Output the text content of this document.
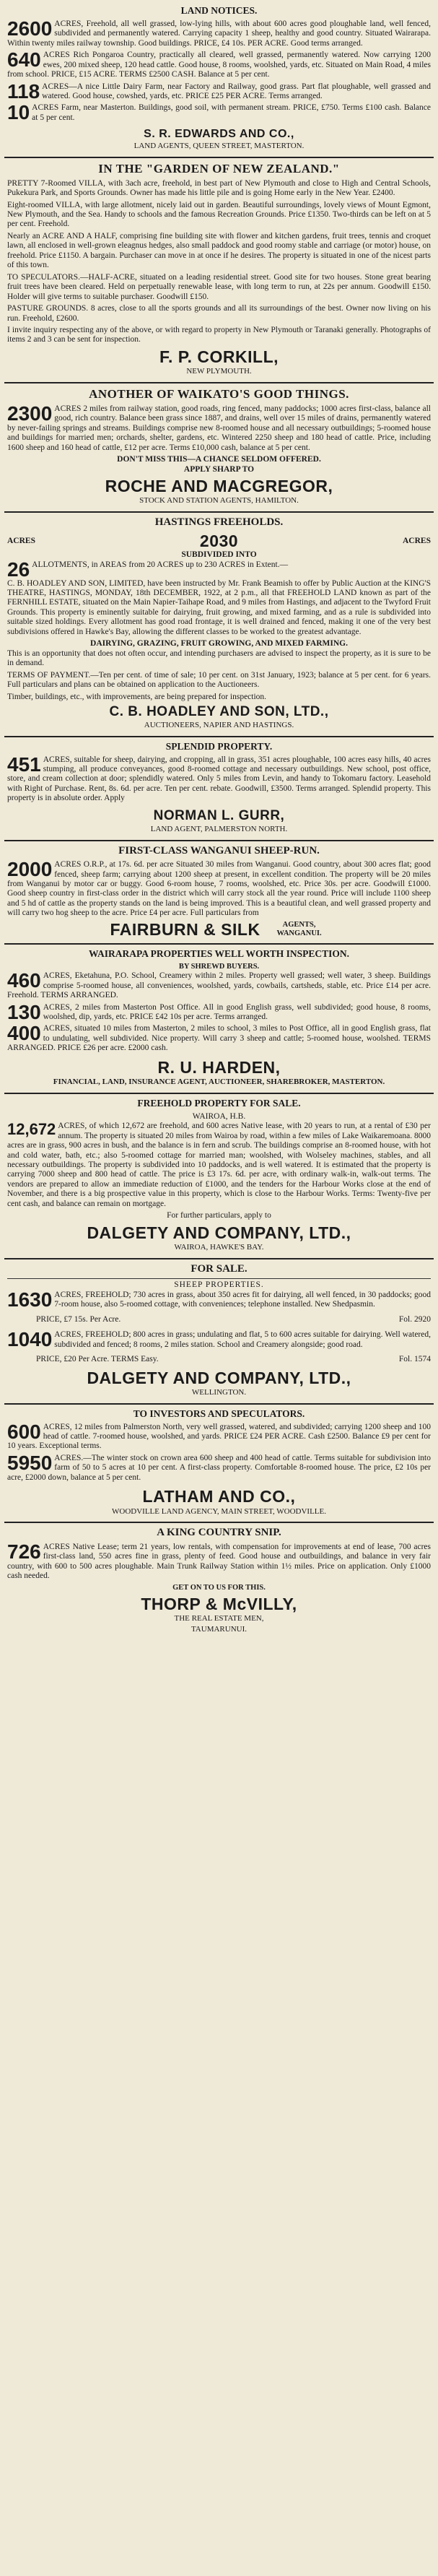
LAND NOTICES.

2600 ACRES, Freehold, all well grassed, low-lying hills, with about 600 acres good ploughable land, well fenced, subdivided and permanently watered. Carrying capacity 1 sheep, healthy and good country. Situated Wairarapa. Within twenty miles railway township. Good buildings. PRICE, £4 10s. PER ACRE. Good terms arranged.

640 ACRES Rich Pongaroa Country, practically all cleared, well grassed, permanently watered. Now carrying 1200 ewes, 200 mixed sheep, 120 head cattle. Good house, 8 rooms, woolshed, yards, etc. Situated on Main Road, 4 miles from school. PRICE, £15 ACRE. TERMS £2500 CASH. Balance at 5 per cent.

118 ACRES—A nice Little Dairy Farm, near Factory and Railway, good grass. Part flat ploughable, well grassed and watered. Good house, cowshed, yards, etc. PRICE £25 PER ACRE. Terms arranged.

10 ACRES Farm, near Masterton. Buildings, good soil, with permanent stream. PRICE, £750. Terms £100 cash. Balance at 5 per cent.

S. R. EDWARDS AND CO.,
LAND AGENTS, QUEEN STREET, MASTERTON.
IN THE "GARDEN OF NEW ZEALAND."

PRETTY 7-Roomed VILLA, with 3ach acre, freehold, in best part of New Plymouth and close to High and Central Schools, Pukekura Park, and Sports Grounds. Owner has made his little pile and is going Home early in the New Year. £2400.

Eight-roomed VILLA, with large allotment, nicely laid out in garden. Beautiful surroundings, lovely views of Mount Egmont, New Plymouth, and the Sea. Handy to schools and the famous Recreation Grounds. Price £1350. Two-thirds can be left on at 5 per cent. Freehold.

Nearly an ACRE AND A HALF, comprising fine building site with flower and kitchen gardens, fruit trees, tennis and croquet lawn, all enclosed in well-grown eleagnus hedges, also small paddock and good roomy stable and carriage (or motor) house, on freehold. Price £1150. A bargain. Purchaser can move in at once if he desires. The property is situated in one of the nicest parts of this town.

TO SPECULATORS.—HALF-ACRE, situated on a leading residential street. Good site for two houses. Stone great bearing fruit trees have been cleared. Held on perpetually renewable lease, with long term to run, at 22s per annum. Goodwill £150. Holder will give terms to suitable purchaser. Goodwill £150.

PASTURE GROUNDS. 8 acres, close to all the sports grounds and all its surroundings of the best. Owner now living on his run. Freehold, £2600.

I invite inquiry respecting any of the above, or with regard to property in New Plymouth or Taranaki generally. Photographs of items 2 and 3 can be sent for inspection.

F. P. CORKILL,
NEW PLYMOUTH.
ANOTHER OF WAIKATO'S GOOD THINGS.

2300 ACRES 2 miles from railway station, good roads, ring fenced, many paddocks; 1000 acres first-class, balance all good, rich country. Balance been grass since 1887, and drains, well over 15 miles of drains, permanently watered by never-failing springs and streams. Buildings comprise new 8-roomed house and all necessary outbuildings; 5-roomed house and buildings for married men; orchards, shelter, gardens, etc. Wintered 2250 sheep and 180 head of cattle. Price, including 1600 sheep and 160 head of cattle, £12 per acre. Terms £10,000 cash, balance at 5 per cent.

DON'T MISS THIS—A CHANCE SELDOM OFFERED.
APPLY SHARP TO
ROCHE AND MACGREGOR,
STOCK AND STATION AGENTS, HAMILTON.
HASTINGS FREEHOLDS.
ACRES	2030	ACRES
SUBDIVIDED INTO

26 ALLOTMENTS, in AREAS from 20 ACRES up to 230 ACRES in Extent.—

C. B. HOADLEY AND SON, LIMITED, have been instructed by Mr. Frank Beamish to offer by Public Auction at the KING'S THEATRE, HASTINGS, MONDAY, 18th DECEMBER, 1922, at 2 p.m., all that FREEHOLD LAND known as part of the FERNHILL ESTATE, situated on the Main Napier-Taihape Road, and 9 miles from Hastings, and adjacent to the Twyford Fruit Grounds. This property is eminently suitable for dairying, fruit growing, and mixed farming, and as a rule is subdivided into suitable sized holdings. Every allotment has good road frontage, it is well drained and fenced, making it one of the very best subdivisions offered in Hawke's Bay, allowing the different classes to be worked to the greatest advantage.

DAIRYING, GRAZING, FRUIT GROWING, AND MIXED FARMING.

This is an opportunity that does not often occur, and intending purchasers are advised to inspect the property, as it is sure to be in demand.

TERMS OF PAYMENT.—Ten per cent. of time of sale; 10 per cent. on 31st January, 1923; balance at 5 per cent. for 6 years. Full particulars and plans can be obtained on application to the Auctioneers.

Timber, buildings, etc., with improvements, are being prepared for inspection.

C. B. HOADLEY AND SON, LTD.,
AUCTIONEERS, NAPIER AND HASTINGS.
SPLENDID PROPERTY.

451 ACRES, suitable for sheep, dairying, and cropping, all in grass, 351 acres ploughable, 100 acres easy hills, 40 acres stumping, all produce conveyances, good 8-roomed cottage and necessary outbuildings. New school, post office, store, and cream collection at door; splendidly watered. Only 5 miles from Levin, and handy to Tokomaru factory. Leasehold with Right of Purchase. Rent, 8s. 6d. per acre. Ten per cent. rebate. Goodwill, £3500. Terms arranged. Splendid property. This property is in absolute order. Apply

NORMAN L. GURR,
LAND AGENT, PALMERSTON NORTH.
FIRST-CLASS WANGANUI SHEEP-RUN.

2000 ACRES O.R.P., at 17s. 6d. per acre Situated 30 miles from Wanganui. Good country, about 300 acres flat; good fenced, sheep farm; carrying about 1200 sheep at present, in excellent condition. The property will be 20 miles from Wanganui by motor car or buggy. Good 6-room house, 7 rooms, woolshed, etc. Price 30s. per acre. Goodwill £1000. Good sheep country in first-class order in the district which will carry stock all the year round. Price will include 1100 sheep and 5 hd of cattle as the property stands on the land is being improved. This is a beautiful clean, and well grassed property and will carry two hog sheep to the acre. Price £4 per acre. Full particulars from

FAIRBURN & SILK	AGENTS, WANGANUI.
WAIRARAPA PROPERTIES WELL WORTH INSPECTION.
BY SHREWD BUYERS.

460 ACRES, Eketahuna, P.O. School, Creamery within 2 miles. Property well grassed; well water, 3 sheep. Buildings comprise 5-roomed house, all conveniences, woolshed, yards, cowbails, cartsheds, stable, etc. Price £14 per acre. Freehold. TERMS ARRANGED.

130 ACRES, 2 miles from Masterton Post Office. All in good English grass, well subdivided; good house, 8 rooms, woolshed, dip, yards, etc. PRICE £42 10s per acre. Terms arranged.

400 ACRES, situated 10 miles from Masterton, 2 miles to school, 3 miles to Post Office, all in good English grass, flat to undulating, well subdivided. Nice property. Will carry 3 sheep and cattle; 5-roomed house, woolshed. TERMS ARRANGED. PRICE £26 per acre. £2000 cash.

R. U. HARDEN,
FINANCIAL, LAND, INSURANCE AGENT, AUCTIONEER, SHAREBROKER, MASTERTON.
FREEHOLD PROPERTY FOR SALE.
WAIROA, H.B.

12,672 ACRES, of which 12,672 are freehold, and 600 acres Native lease, with 20 years to run, at a rental of £30 per annum. The property is situated 20 miles from Wairoa by road, within a few miles of Lake Waikaremoana. 8000 acres are in grass, 900 acres in bush, and the balance is in fern and scrub. The buildings comprise an 8-roomed house, with hot and cold water, bath, etc.; also 5-roomed cottage for married man; woolshed, with Wolseley machines, stables, and all necessary outbuildings. The property is subdivided into 10 paddocks, and is well watered. It is estimated that the property is carrying 7000 sheep and 800 head of cattle. The price is £3 17s. 6d. per acre, with ordinary walk-in, walk-out terms. The vendors are prepared to allow an immediate reduction of £1000, and the tenders for the Harbour Works close at the end of November, and there is a big prospective value in this property, which is close to the Harbour Works. Terms: Twenty-five per cent cash, and balance can remain on mortgage.

For further particulars, apply to
DALGETY AND COMPANY, LTD.,
WAIROA, HAWKE'S BAY.
FOR SALE.
SHEEP PROPERTIES.

1630 ACRES, FREEHOLD; 730 acres in grass, about 350 acres fit for dairying, all well fenced, in 30 paddocks; good 7-room house, also 5-roomed cottage, with conveniences; telephone installed. New Shedpasmin.

PRICE, £7 15s. Per Acre.	Fol. 2920

1040 ACRES, FREEHOLD; 800 acres in grass; undulating and flat, 5 to 600 acres suitable for dairying. Well watered, subdivided and fenced; 8 rooms, 2 miles station. School and Creamery alongside; good road.

PRICE, £20 Per Acre. TERMS Easy.	Fol. 1574
DALGETY AND COMPANY, LTD.,
WELLINGTON.
TO INVESTORS AND SPECULATORS.

600 ACRES, 12 miles from Palmerston North, very well grassed, watered, and subdivided; carrying 1200 sheep and 100 head of cattle. 7-roomed house, woolshed, and yards. PRICE £24 PER ACRE. Cash £2500. Balance £9 per cent for 10 years. Exceptional terms.

5950 ACRES.—The winter stock on crown area 600 sheep and 400 head of cattle. Terms suitable for subdivision into farm of 50 to 5 acres at 10 per cent. A first-class property. Comfortable 8-roomed house. The price, £2 10s per acre, £2000 down, balance at 5 per cent.

LATHAM AND CO.,
WOODVILLE LAND AGENCY, MAIN STREET, WOODVILLE.
A KING COUNTRY SNIP.

726 ACRES Native Lease; term 21 years, low rentals, with compensation for improvements at end of lease, 700 acres first-class land, 550 acres fine in grass, plenty of feed. Good house and outbuildings, and balance in very fair country, with 600 to 500 acres ploughable. Main Trunk Railway Station within 1½ miles. Price on application. Only £1000 cash needed.

GET ON TO US FOR THIS.
THORP & McVILLY,
THE REAL ESTATE MEN,
TAUMARUNUI.
